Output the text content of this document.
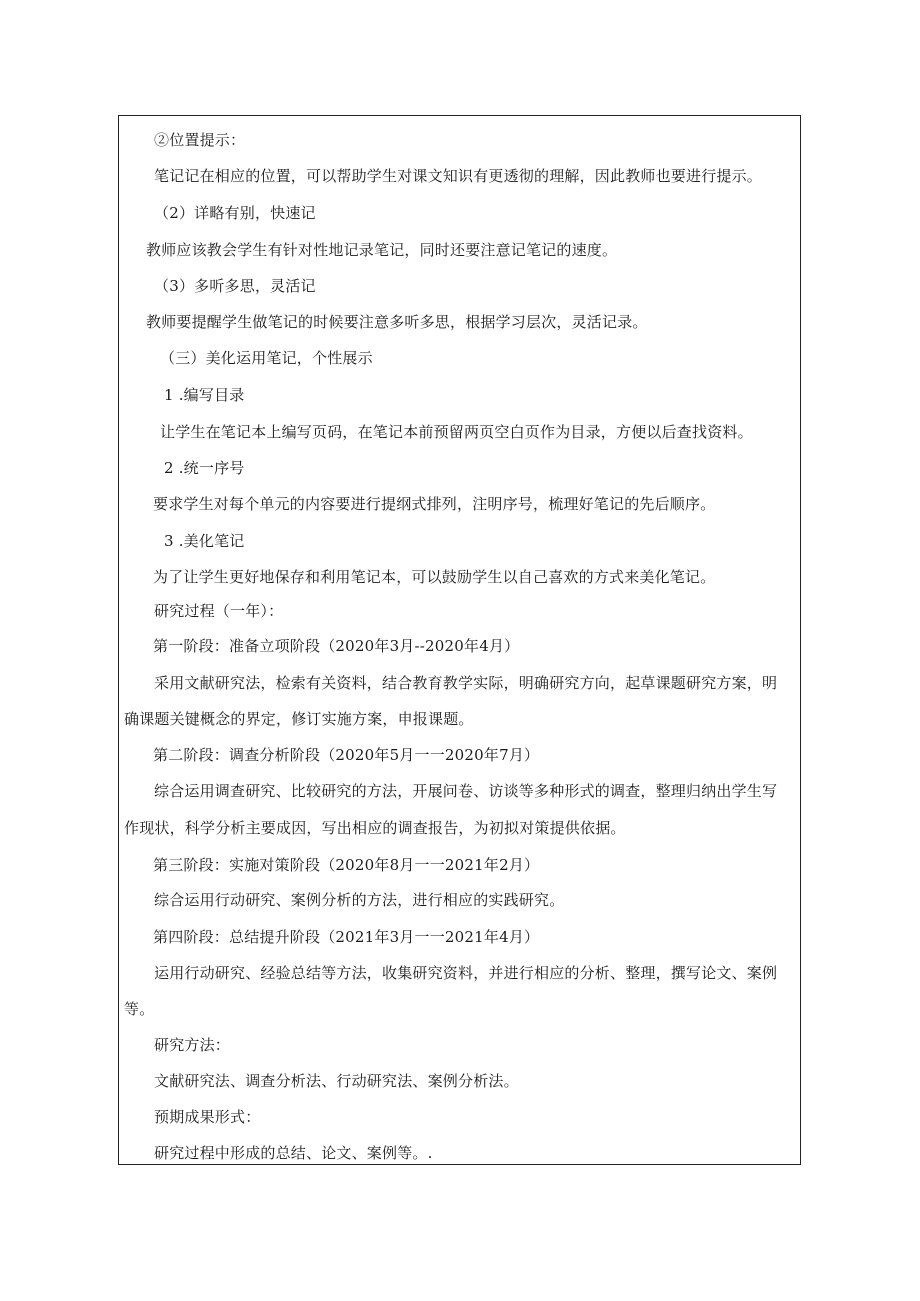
②位置提示：
笔记记在相应的位置，可以帮助学生对课文知识有更透彻的理解，因此教师也要进行提示。
（2）详略有别，快速记
教师应该教会学生有针对性地记录笔记，同时还要注意记笔记的速度。
（3）多听多思，灵活记
教师要提醒学生做笔记的时候要注意多听多思，根据学习层次，灵活记录。
（三）美化运用笔记，个性展示
1 .编写目录
让学生在笔记本上编写页码，在笔记本前预留两页空白页作为目录，方便以后查找资料。
2 .统一序号
要求学生对每个单元的内容要进行提纲式排列，注明序号，梳理好笔记的先后顺序。
3 .美化笔记
为了让学生更好地保存和利用笔记本，可以鼓励学生以自己喜欢的方式来美化笔记。
研究过程（一年）：
第一阶段：准备立项阶段（2020年3月--2020年4月）
采用文献研究法，检索有关资料，结合教育教学实际，明确研究方向，起草课题研究方案，明
确课题关键概念的界定，修订实施方案，申报课题。
第二阶段：调查分析阶段（2020年5月一一2020年7月）
综合运用调查研究、比较研究的方法，开展问卷、访谈等多种形式的调查，整理归纳出学生写
作现状，科学分析主要成因，写出相应的调查报告，为初拟对策提供依据。
第三阶段：实施对策阶段（2020年8月一一2021年2月）
综合运用行动研究、案例分析的方法，进行相应的实践研究。
第四阶段：总结提升阶段（2021年3月一一2021年4月）
运用行动研究、经验总结等方法，收集研究资料，并进行相应的分析、整理，撰写论文、案例
等。
研究方法：
文献研究法、调查分析法、行动研究法、案例分析法。
预期成果形式：
研究过程中形成的总结、论文、案例等。.
